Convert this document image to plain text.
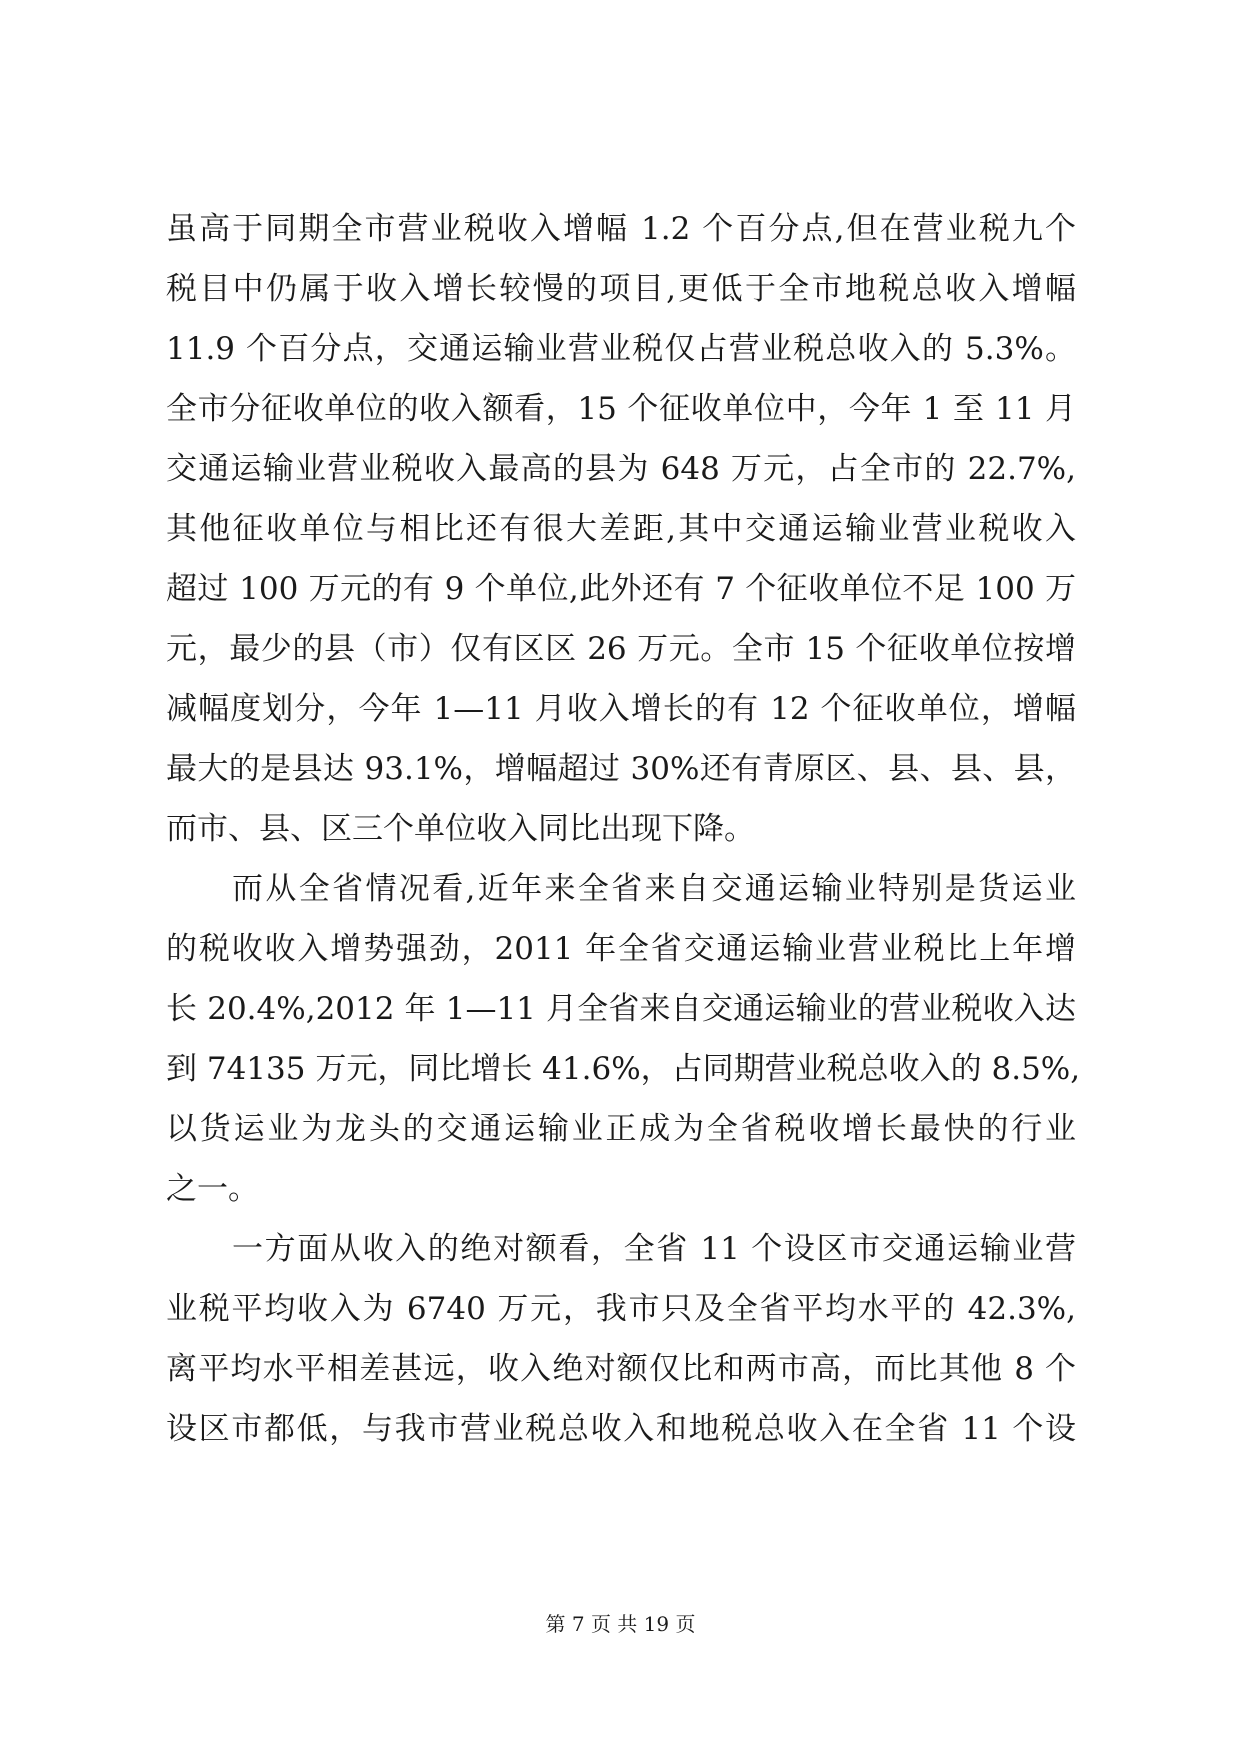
虽高于同期全市营业税收入增幅 1.2 个百分点,但在营业税九个
税目中仍属于收入增长较慢的项目,更低于全市地税总收入增幅
11.9 个百分点，交通运输业营业税仅占营业税总收入的 5.3%。
全市分征收单位的收入额看，15 个征收单位中，今年 1 至 11 月
交通运输业营业税收入最高的县为 648 万元，占全市的 22.7%,
其他征收单位与相比还有很大差距,其中交通运输业营业税收入
超过 100 万元的有 9 个单位,此外还有 7 个征收单位不足 100 万
元，最少的县（市）仅有区区 26 万元。全市 15 个征收单位按增
减幅度划分，今年 1—11 月收入增长的有 12 个征收单位，增幅
最大的是县达 93.1%，增幅超过 30%还有青原区、县、县、县，
而市、县、区三个单位收入同比出现下降。
而从全省情况看,近年来全省来自交通运输业特别是货运业
的税收收入增势强劲，2011 年全省交通运输业营业税比上年增
长 20.4%,2012 年 1—11 月全省来自交通运输业的营业税收入达
到 74135 万元，同比增长 41.6%，占同期营业税总收入的 8.5%,
以货运业为龙头的交通运输业正成为全省税收增长最快的行业
之一。
一方面从收入的绝对额看，全省 11 个设区市交通运输业营
业税平均收入为 6740 万元，我市只及全省平均水平的 42.3%,
离平均水平相差甚远，收入绝对额仅比和两市高，而比其他 8 个
设区市都低，与我市营业税总收入和地税总收入在全省 11 个设
第 7 页 共 19 页
